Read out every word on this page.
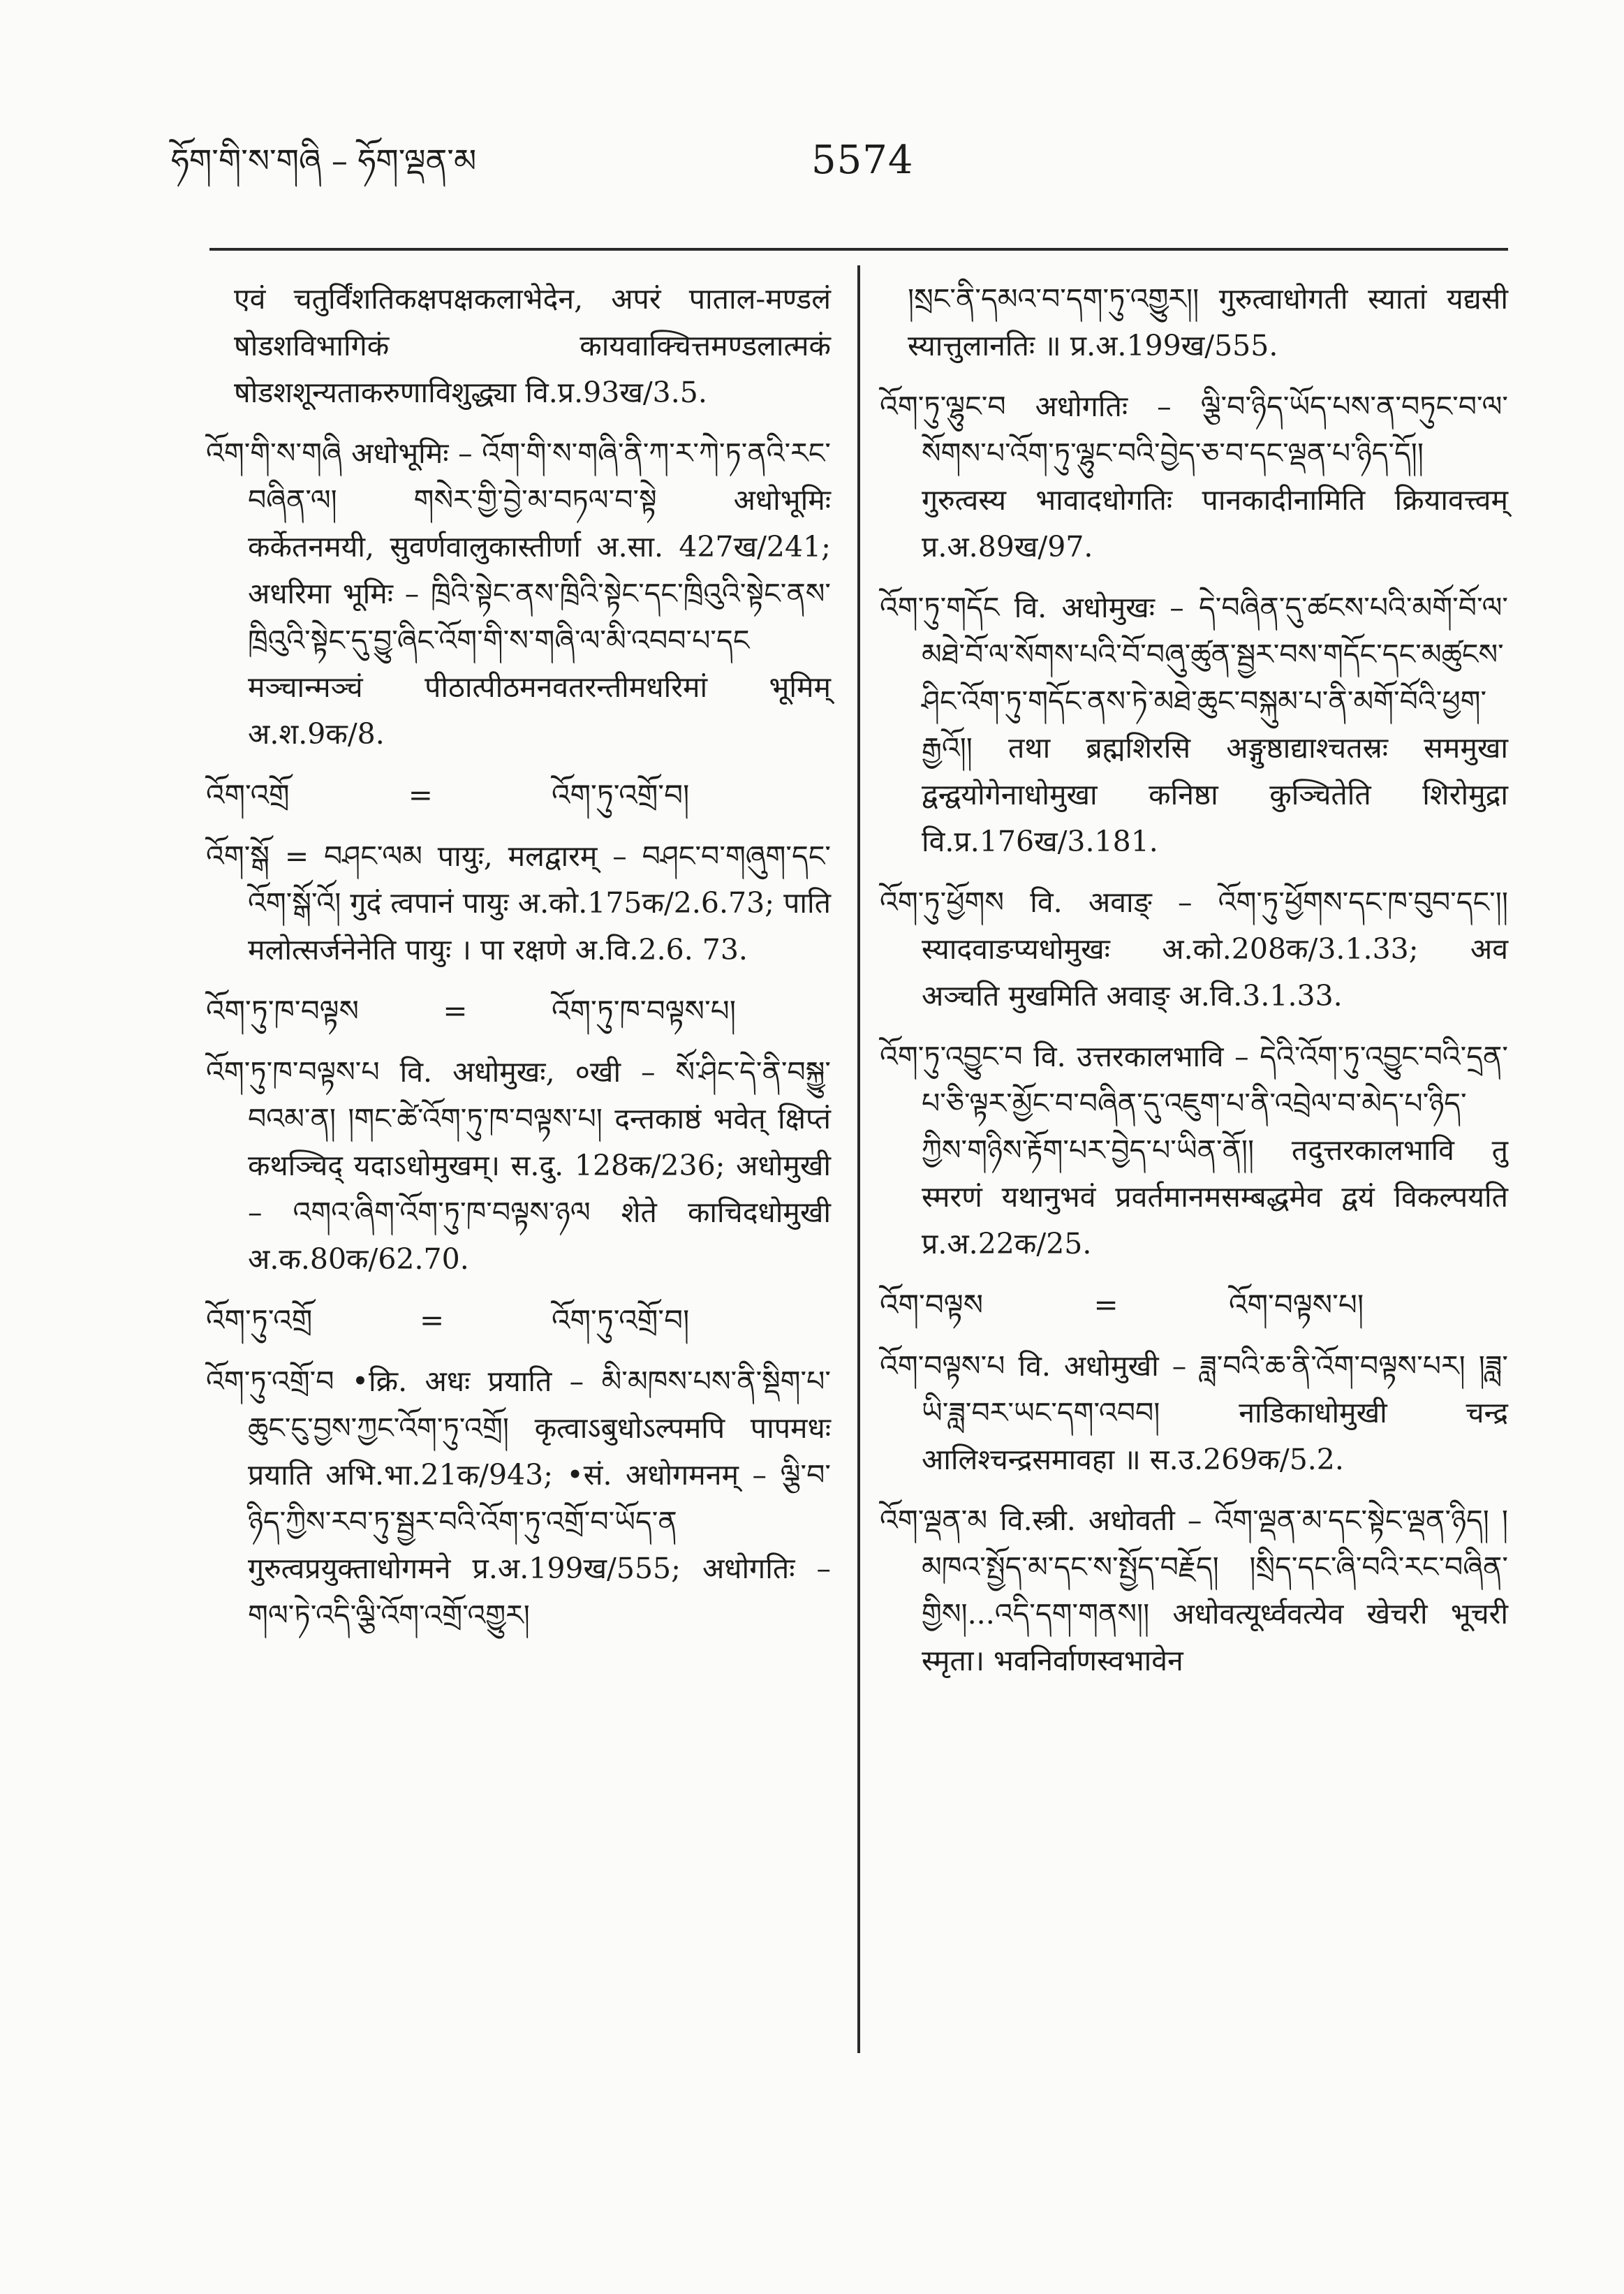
ཧོག་གི་ས་གཞི – ཧོག་ལྡན་མ	5574
एवं चतुर्विंशतिकक्षपक्षकलाभेदेन, अपरं पाताल-मण्डलं षोडशविभागिकं कायवाक्चित्तमण्डलात्मकं षोडशशून्यताकरुणाविशुद्ध्या वि.प्र.93ख/3.5.
འོག་གི་ས་གཞི अधोभूमिः – འོག་གི་ས་གཞི་ནི་ཀ་ར་ཀེ་ཏ་ནའི་རང་བཞིན་ལ། གསེར་གྱི་བྱེ་མ་བཏལ་བ་སྟེ अधोभूमिः कर्केतनमयी, सुवर्णवालुकास्तीर्णा अ.सा. 427ख/241; अधरिमा भूमिः – ཁྲིའི་སྟེང་ནས་ཁྲིའི་སྟེང་དང་ཁྲིའུའི་སྟེང་ནས་ཁྲིའུའི་སྟེང་དུ་བྱུ་ཞིང་འོག་གི་ས་གཞི་ལ་མི་འབབ་པ་དང मञ्चान्मञ्चं पीठात्पीठमनवतरन्तीमधरिमां भूमिम् अ.श.9क/8.
འོག་འགྲོ	=	འོག་ཏུ་འགྲོ་བ།
འོག་སྒོ = བཤང་ལམ पायुः, मलद्वारम् – བཤང་བ་གཞུག་དང་འོག་སྒོ་འོ། गुदं त्वपानं पायुः अ.को.175क/2.6.73; पाति मलोत्सर्जनेनेति पायुः । पा रक्षणे अ.वि.2.6. 73.
འོག་ཏུ་ཁ་བལྟས	=	འོག་ཏུ་ཁ་བལྟས་པ།
འོག་ཏུ་ཁ་བལྟས་པ वि. अधोमुखः, ०खी – སོ་ཤིང་དེ་ནི་བསྐྱུ་བའམ་ན། །གང་ཚེ་འོག་ཏུ་ཁ་བལྟས་པ། दन्तकाष्ठं भवेत् क्षिप्तं कथञ्चिद् यदाऽधोमुखम्। स.दु. 128क/236; अधोमुखी – འགའ་ཞིག་འོག་ཏུ་ཁ་བལྟས་ཉལ शेते काचिदधोमुखी अ.क.80क/62.70.
འོག་ཏུ་འགྲོ	=	འོག་ཏུ་འགྲོ་བ།
འོག་ཏུ་འགྲོ་བ •क्रि. अधः प्रयाति – མི་མཁས་པས་ནི་སྡིག་པ་ཆུང་ངུ་བྱས་ཀྱང་འོག་ཏུ་འགྲོ། कृत्वाऽबुधोऽल्पमपि पापमधः प्रयाति अभि.भा.21क/943; •सं. अधोगमनम् – ལྕི་བ་ཉིད་ཀྱིས་རབ་ཏུ་སྦྱར་བའི་འོག་ཏུ་འགྲོ་བ་ཡོད་ན गुरुत्वप्रयुक्ताधोगमने प्र.अ.199ख/555; अधोगतिः – གལ་ཏེ་འདི་ལྕི་འོག་འགྲོ་འགྱུར།
།སྲང་ནི་དམའ་བ་དག་ཏུ་འགྱུར།། गुरुत्वाधोगती स्यातां यद्यसी स्यात्तुलानतिः ॥ प्र.अ.199ख/555.
འོག་ཏུ་ལྷུང་བ अधोगतिः – ལྕི་བ་ཉིད་ཡོད་པས་ན་བཏུང་བ་ལ་སོགས་པ་འོག་ཏུ་ལྷུང་བའི་བྱེད་ཅ་བ་དང་ལྡན་པ་ཉིད་དོ།། गुरुत्वस्य भावादधोगतिः पानकादीनामिति क्रियावत्त्वम् प्र.अ.89ख/97.
འོག་ཏུ་གདོང वि. अधोमुखः – དེ་བཞིན་དུ་ཚངས་པའི་མགོ་བོ་ལ་མཐེ་བོ་ལ་སོགས་པའི་བོ་བཞུ་ཚུན་སྦྱར་བས་གདོང་དང་མཚུངས་ཤིང་འོག་ཏུ་གདོང་ནས་ཏེ་མཐེ་ཆུང་བསྐུམ་པ་ནི་མགོ་བོའི་ཕྱག་རྒྱའོ།། तथा ब्रह्मशिरसि अङ्गुष्ठाद्याश्चतस्रः सममुखा द्वन्द्वयोगेनाधोमुखा कनिष्ठा कुञ्चितेति शिरोमुद्रा वि.प्र.176ख/3.181.
འོག་ཏུ་ཕྱོགས वि. अवाङ् – འོག་ཏུ་ཕྱོགས་དང་ཁ་བུབ་དང་།། स्यादवाङप्यधोमुखः अ.को.208क/3.1.33; अव अञ्चति मुखमिति अवाङ् अ.वि.3.1.33.
འོག་ཏུ་འབྱུང་བ वि. उत्तरकालभावि – དེའི་འོག་ཏུ་འབྱུང་བའི་དྲན་པ་ཅི་ལྟར་མྱོང་བ་བཞིན་དུ་འཇུག་པ་ནི་འབྲེལ་བ་མེད་པ་ཉིད་ཀྱིས་གཉིས་རྟོག་པར་བྱེད་པ་ཡིན་ནོ།། तदुत्तरकालभावि तु स्मरणं यथानुभवं प्रवर्तमानमसम्बद्धमेव द्वयं विकल्पयति प्र.अ.22क/25.
འོག་བལྟས	=	འོག་བལྟས་པ།
འོག་བལྟས་པ वि. अधोमुखी – ཟླ་བའི་ཆ་ནི་འོག་བལྟས་པར། །ཟླ་ཡི་ཟླ་བར་ཡང་དག་འབབ། नाडिकाधोमुखी चन्द्र आलिश्चन्द्रसमावहा ॥ स.उ.269क/5.2.
འོག་ལྡན་མ वि.स्त्री. अधोवती – འོག་ལྡན་མ་དང་སྟེང་ལྡན་ཉིད། །མཁའ་སྤྱོད་མ་དང་ས་སྤྱོད་བརྗོད། །སྲིད་དང་ཞི་བའི་རང་བཞིན་གྱིས།...འདི་དག་གནས།། अधोवत्यूर्ध्ववत्येव खेचरी भूचरी स्मृता। भवनिर्वाणस्वभावेन
